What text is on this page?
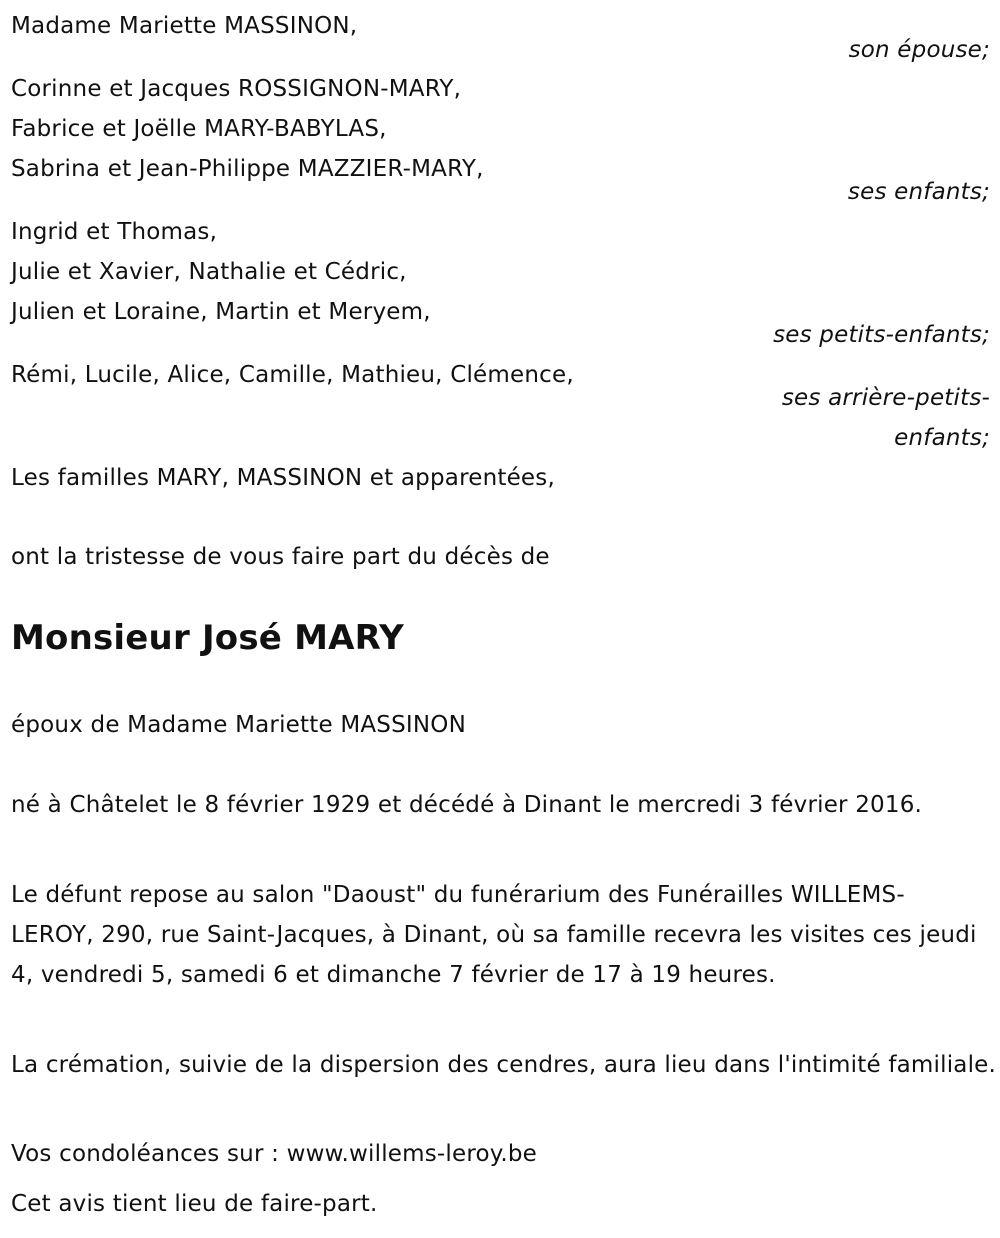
Madame Mariette MASSINON,
son épouse;
Corinne et Jacques ROSSIGNON-MARY,
Fabrice et Joëlle MARY-BABYLAS,
Sabrina et Jean-Philippe MAZZIER-MARY,
ses enfants;
Ingrid et Thomas,
Julie et Xavier, Nathalie et Cédric,
Julien et Loraine, Martin et Meryem,
ses petits-enfants;
Rémi, Lucile, Alice, Camille, Mathieu, Clémence,
ses arrière-petits-
enfants;
Les familles MARY, MASSINON et apparentées,
ont la tristesse de vous faire part du décès de
Monsieur José MARY
époux de Madame Mariette MASSINON
né à Châtelet le 8 février 1929 et décédé à Dinant le mercredi 3 février 2016.
Le défunt repose au salon "Daoust" du funérarium des Funérailles WILLEMS-LEROY, 290, rue Saint-Jacques, à Dinant, où sa famille recevra les visites ces jeudi 4, vendredi 5, samedi 6 et dimanche 7 février de 17 à 19 heures.
La crémation, suivie de la dispersion des cendres, aura lieu dans l'intimité familiale.
Vos condoléances sur : www.willems-leroy.be
Cet avis tient lieu de faire-part.
